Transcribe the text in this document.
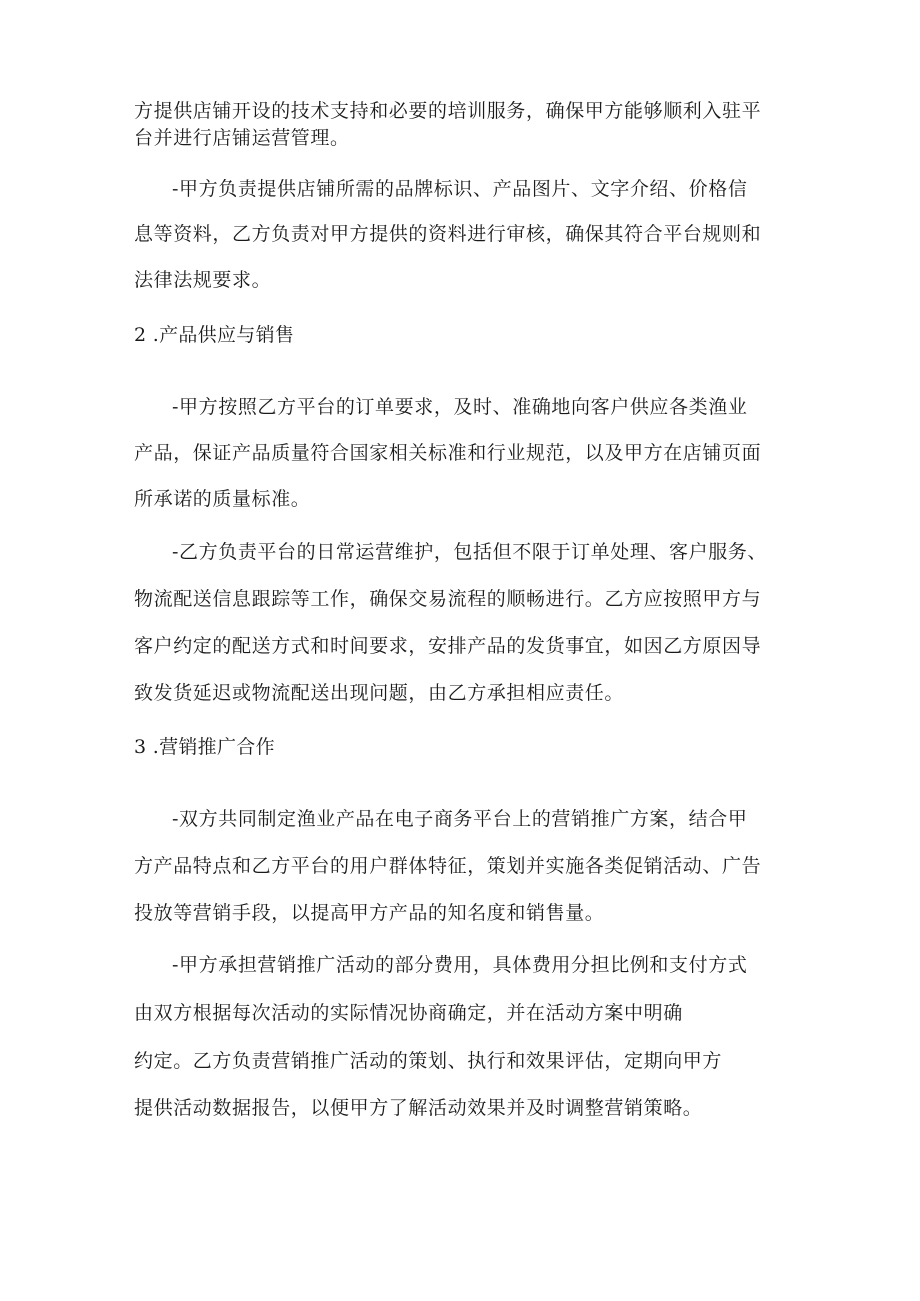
方提供店铺开设的技术支持和必要的培训服务，确保甲方能够顺利入驻平
台并进行店铺运营管理。
-甲方负责提供店铺所需的品牌标识、产品图片、文字介绍、价格信
息等资料，乙方负责对甲方提供的资料进行审核，确保其符合平台规则和
法律法规要求。
2 .产品供应与销售
-甲方按照乙方平台的订单要求，及时、准确地向客户供应各类渔业
产品，保证产品质量符合国家相关标准和行业规范，以及甲方在店铺页面
所承诺的质量标准。
-乙方负责平台的日常运营维护，包括但不限于订单处理、客户服务、
物流配送信息跟踪等工作，确保交易流程的顺畅进行。乙方应按照甲方与
客户约定的配送方式和时间要求，安排产品的发货事宜，如因乙方原因导
致发货延迟或物流配送出现问题，由乙方承担相应责任。
3 .营销推广合作
-双方共同制定渔业产品在电子商务平台上的营销推广方案，结合甲
方产品特点和乙方平台的用户群体特征，策划并实施各类促销活动、广告
投放等营销手段，以提高甲方产品的知名度和销售量。
-甲方承担营销推广活动的部分费用，具体费用分担比例和支付方式
由双方根据每次活动的实际情况协商确定，并在活动方案中明确
约定。乙方负责营销推广活动的策划、执行和效果评估，定期向甲方
提供活动数据报告，以便甲方了解活动效果并及时调整营销策略。
